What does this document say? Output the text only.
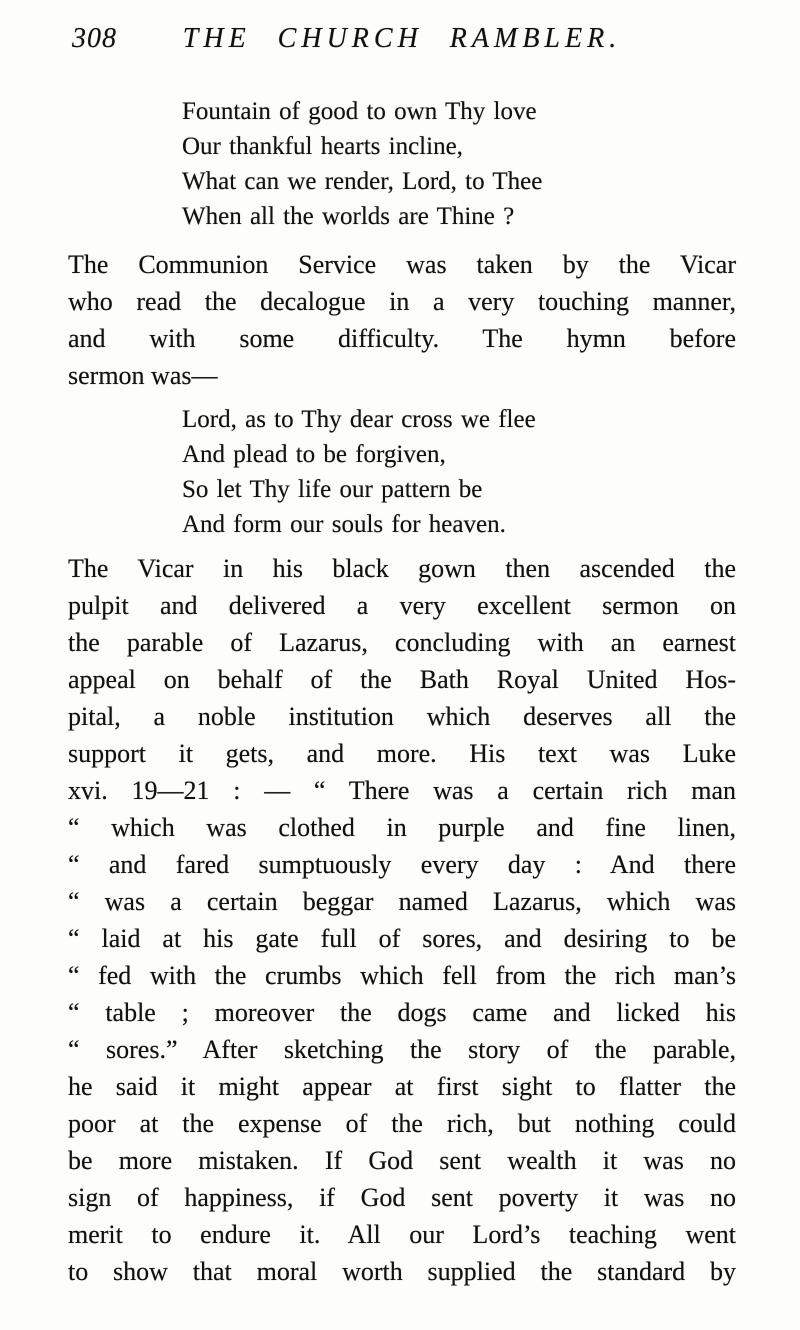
308	THE CHURCH RAMBLER.
Fountain of good to own Thy love
Our thankful hearts incline,
What can we render, Lord, to Thee
When all the worlds are Thine ?
The Communion Service was taken by the Vicar
who read the decalogue in a very touching manner,
and with some difficulty. The hymn before
sermon was—
Lord, as to Thy dear cross we flee
And plead to be forgiven,
So let Thy life our pattern be
And form our souls for heaven.
The Vicar in his black gown then ascended the
pulpit and delivered a very excellent sermon on
the parable of Lazarus, concluding with an earnest
appeal on behalf of the Bath Royal United Hos-
pital, a noble institution which deserves all the
support it gets, and more. His text was Luke
xvi. 19—21 : — “ There was a certain rich man
“ which was clothed in purple and fine linen,
“ and fared sumptuously every day : And there
“ was a certain beggar named Lazarus, which was
“ laid at his gate full of sores, and desiring to be
“ fed with the crumbs which fell from the rich man’s
“ table ; moreover the dogs came and licked his
“ sores.” After sketching the story of the parable,
he said it might appear at first sight to flatter the
poor at the expense of the rich, but nothing could
be more mistaken. If God sent wealth it was no
sign of happiness, if God sent poverty it was no
merit to endure it. All our Lord’s teaching went
to show that moral worth supplied the standard by
